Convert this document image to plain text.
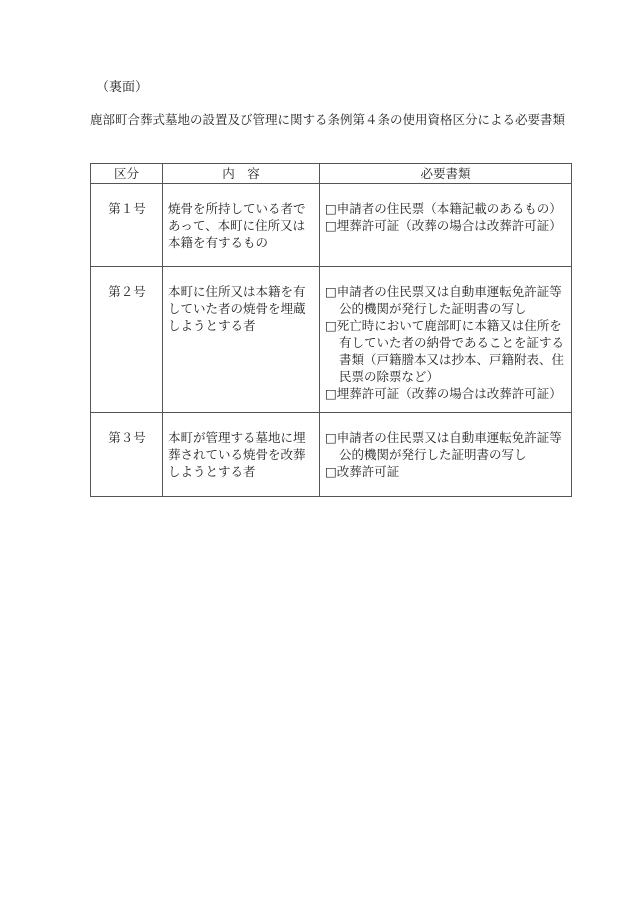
（裏面）
鹿部町合葬式墓地の設置及び管理に関する条例第４条の使用資格区分による必要書類
区分	内　容	必要書類
第１号	焼骨を所持している者であって、本町に住所又は本籍を有するもの	□申請者の住民票（本籍記載のあるもの）
□埋葬許可証（改葬の場合は改葬許可証）

第２号	本町に住所又は本籍を有していた者の焼骨を埋蔵しようとする者	□申請者の住民票又は自動車運転免許証等公的機関が発行した証明書の写し
□死亡時において鹿部町に本籍又は住所を有していた者の納骨であることを証する書類（戸籍謄本又は抄本、戸籍附表、住民票の除票など）
□埋葬許可証（改葬の場合は改葬許可証）

第３号	本町が管理する墓地に埋葬されている焼骨を改葬しようとする者	□申請者の住民票又は自動車運転免許証等公的機関が発行した証明書の写し
□改葬許可証
